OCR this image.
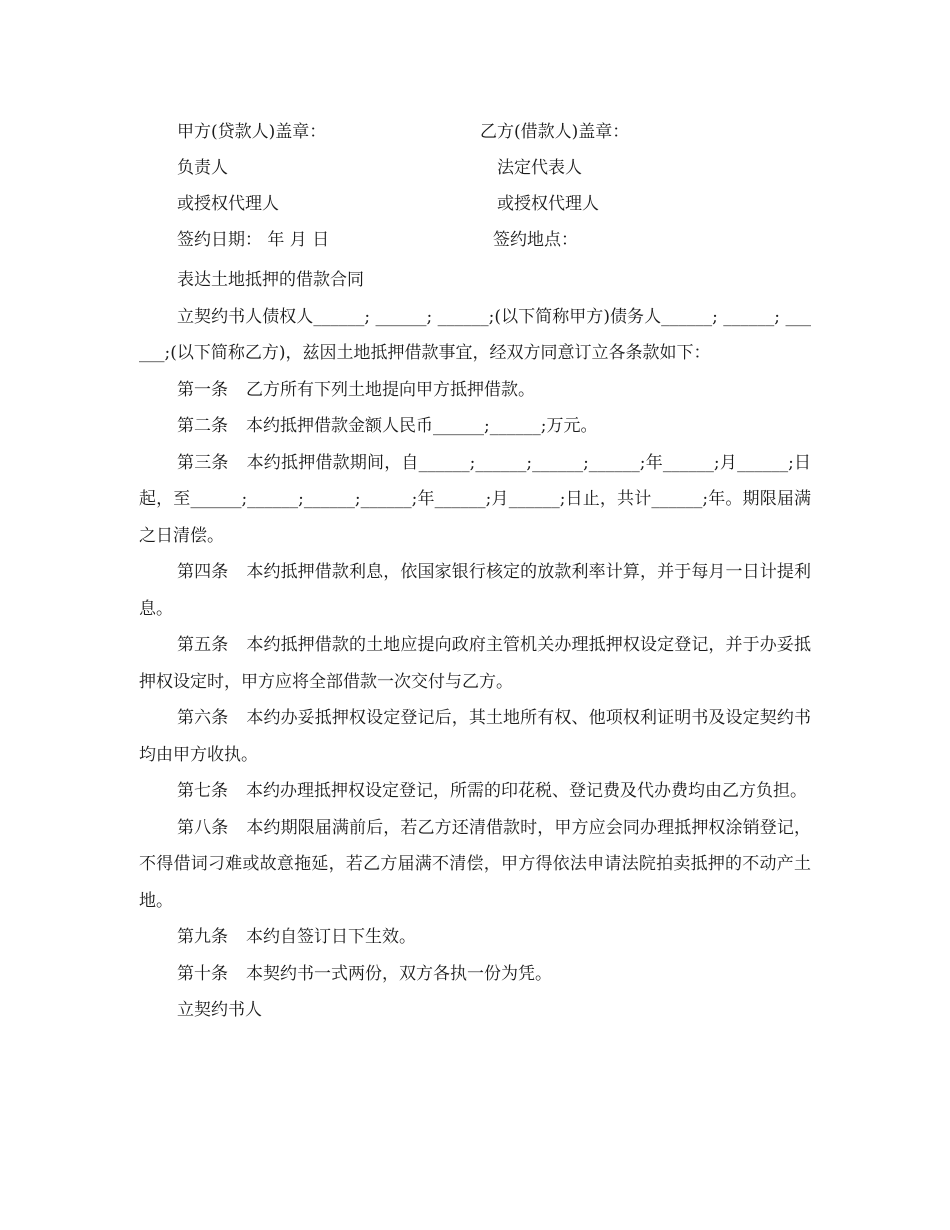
甲方(贷款人)盖章：	乙方(借款人)盖章：
负责人	法定代表人
或授权代理人	或授权代理人
签约日期： 年 月 日	签约地点：

表达土地抵押的借款合同

立契约书人债权人______; ______; ______;(以下简称甲方)债务人______; ______; ______;(以下简称乙方)，兹因土地抵押借款事宜，经双方同意订立各条款如下：

第一条 乙方所有下列土地提向甲方抵押借款。

第二条 本约抵押借款金额人民币______;______;万元。

第三条 本约抵押借款期间，自______;______;______;______;年______;月______;日起，至______;______;______;______;年______;月______;日止，共计______;年。期限届满之日清偿。

第四条 本约抵押借款利息，依国家银行核定的放款利率计算，并于每月一日计提利息。

第五条 本约抵押借款的土地应提向政府主管机关办理抵押权设定登记，并于办妥抵押权设定时，甲方应将全部借款一次交付与乙方。

第六条 本约办妥抵押权设定登记后，其土地所有权、他项权利证明书及设定契约书均由甲方收执。

第七条 本约办理抵押权设定登记，所需的印花税、登记费及代办费均由乙方负担。

第八条 本约期限届满前后，若乙方还清借款时，甲方应会同办理抵押权涂销登记，不得借词刁难或故意拖延，若乙方届满不清偿，甲方得依法申请法院拍卖抵押的不动产土地。

第九条 本约自签订日下生效。

第十条 本契约书一式两份，双方各执一份为凭。

立契约书人
